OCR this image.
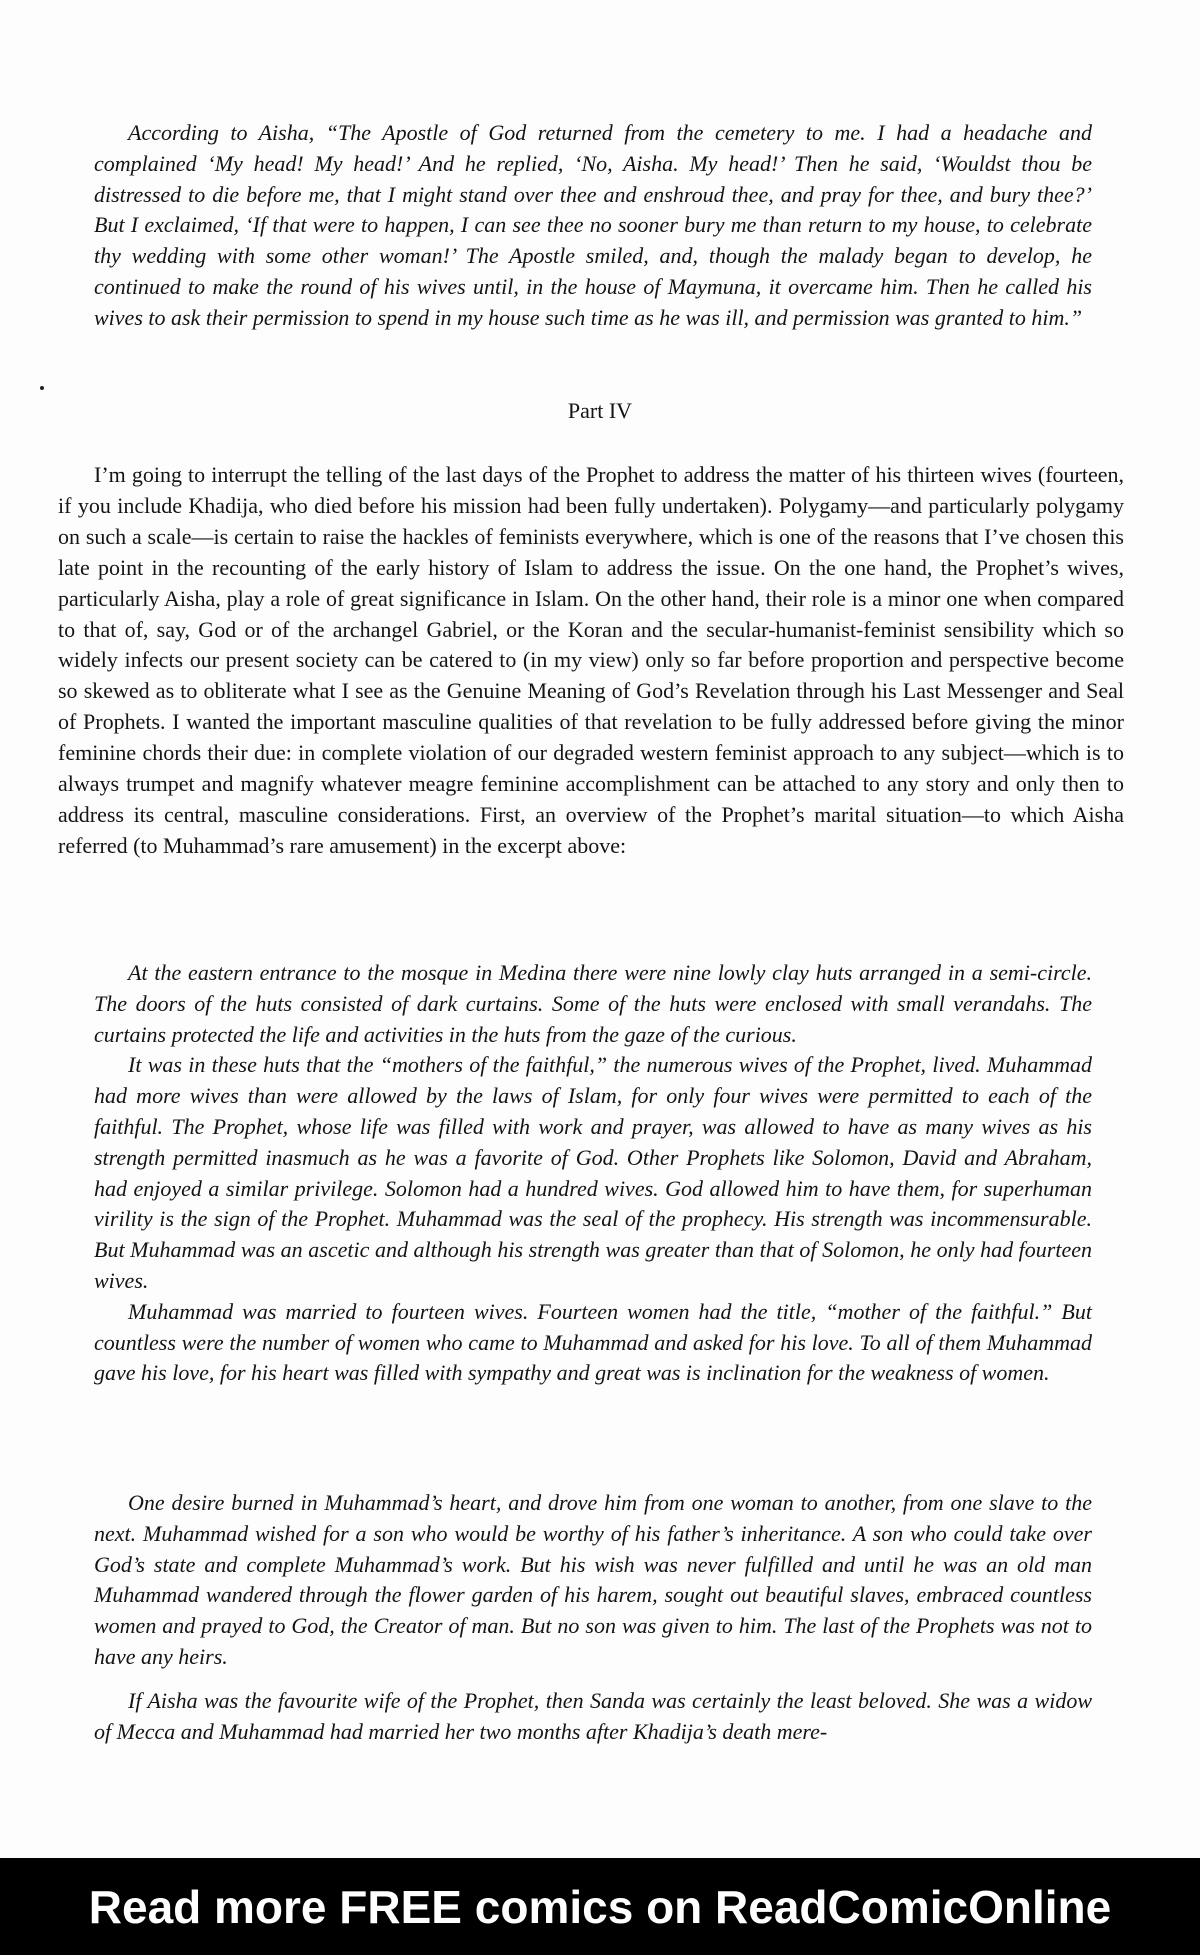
According to Aisha, “The Apostle of God returned from the cemetery to me. I had a headache and complained ‘My head! My head!’ And he replied, ‘No, Aisha. My head!’ Then he said, ‘Wouldst thou be distressed to die before me, that I might stand over thee and enshroud thee, and pray for thee, and bury thee?’ But I exclaimed, ‘If that were to happen, I can see thee no sooner bury me than return to my house, to celebrate thy wedding with some other woman!’ The Apostle smiled, and, though the malady began to develop, he continued to make the round of his wives until, in the house of Maymuna, it overcame him. Then he called his wives to ask their permission to spend in my house such time as he was ill, and permission was granted to him.”

Part IV

I’m going to interrupt the telling of the last days of the Prophet to address the matter of his thirteen wives (fourteen, if you include Khadija, who died before his mission had been fully undertaken). Polygamy—and particularly polygamy on such a scale—is certain to raise the hackles of feminists everywhere, which is one of the reasons that I’ve chosen this late point in the recounting of the early history of Islam to address the issue. On the one hand, the Prophet’s wives, particularly Aisha, play a role of great significance in Islam. On the other hand, their role is a minor one when compared to that of, say, God or of the archangel Gabriel, or the Koran and the secular-humanist-feminist sensibility which so widely infects our present society can be catered to (in my view) only so far before proportion and perspective become so skewed as to obliterate what I see as the Genuine Meaning of God’s Revelation through his Last Messenger and Seal of Prophets. I wanted the important masculine qualities of that revelation to be fully addressed before giving the minor feminine chords their due: in complete violation of our degraded western feminist approach to any subject—which is to always trumpet and magnify whatever meagre feminine accomplishment can be attached to any story and only then to address its central, masculine considerations. First, an overview of the Prophet’s marital situation—to which Aisha referred (to Muhammad’s rare amusement) in the excerpt above:

At the eastern entrance to the mosque in Medina there were nine lowly clay huts arranged in a semi-circle. The doors of the huts consisted of dark curtains. Some of the huts were enclosed with small verandahs. The curtains protected the life and activities in the huts from the gaze of the curious.

It was in these huts that the “mothers of the faithful,” the numerous wives of the Prophet, lived. Muhammad had more wives than were allowed by the laws of Islam, for only four wives were permitted to each of the faithful. The Prophet, whose life was filled with work and prayer, was allowed to have as many wives as his strength permitted inasmuch as he was a favorite of God. Other Prophets like Solomon, David and Abraham, had enjoyed a similar privilege. Solomon had a hundred wives. God allowed him to have them, for superhuman virility is the sign of the Prophet. Muhammad was the seal of the prophecy. His strength was incommensurable. But Muhammad was an ascetic and although his strength was greater than that of Solomon, he only had fourteen wives.

Muhammad was married to fourteen wives. Fourteen women had the title, “mother of the faithful.” But countless were the number of women who came to Muhammad and asked for his love. To all of them Muhammad gave his love, for his heart was filled with sympathy and great was is inclination for the weakness of women.

One desire burned in Muhammad’s heart, and drove him from one woman to another, from one slave to the next. Muhammad wished for a son who would be worthy of his father’s inheritance. A son who could take over God’s state and complete Muhammad’s work. But his wish was never fulfilled and until he was an old man Muhammad wandered through the flower garden of his harem, sought out beautiful slaves, embraced countless women and prayed to God, the Creator of man. But no son was given to him. The last of the Prophets was not to have any heirs.

If Aisha was the favourite wife of the Prophet, then Sanda was certainly the least beloved. She was a widow of Mecca and Muhammad had married her two months after Khadija’s death mere-

Read more FREE comics on ReadComicOnline
